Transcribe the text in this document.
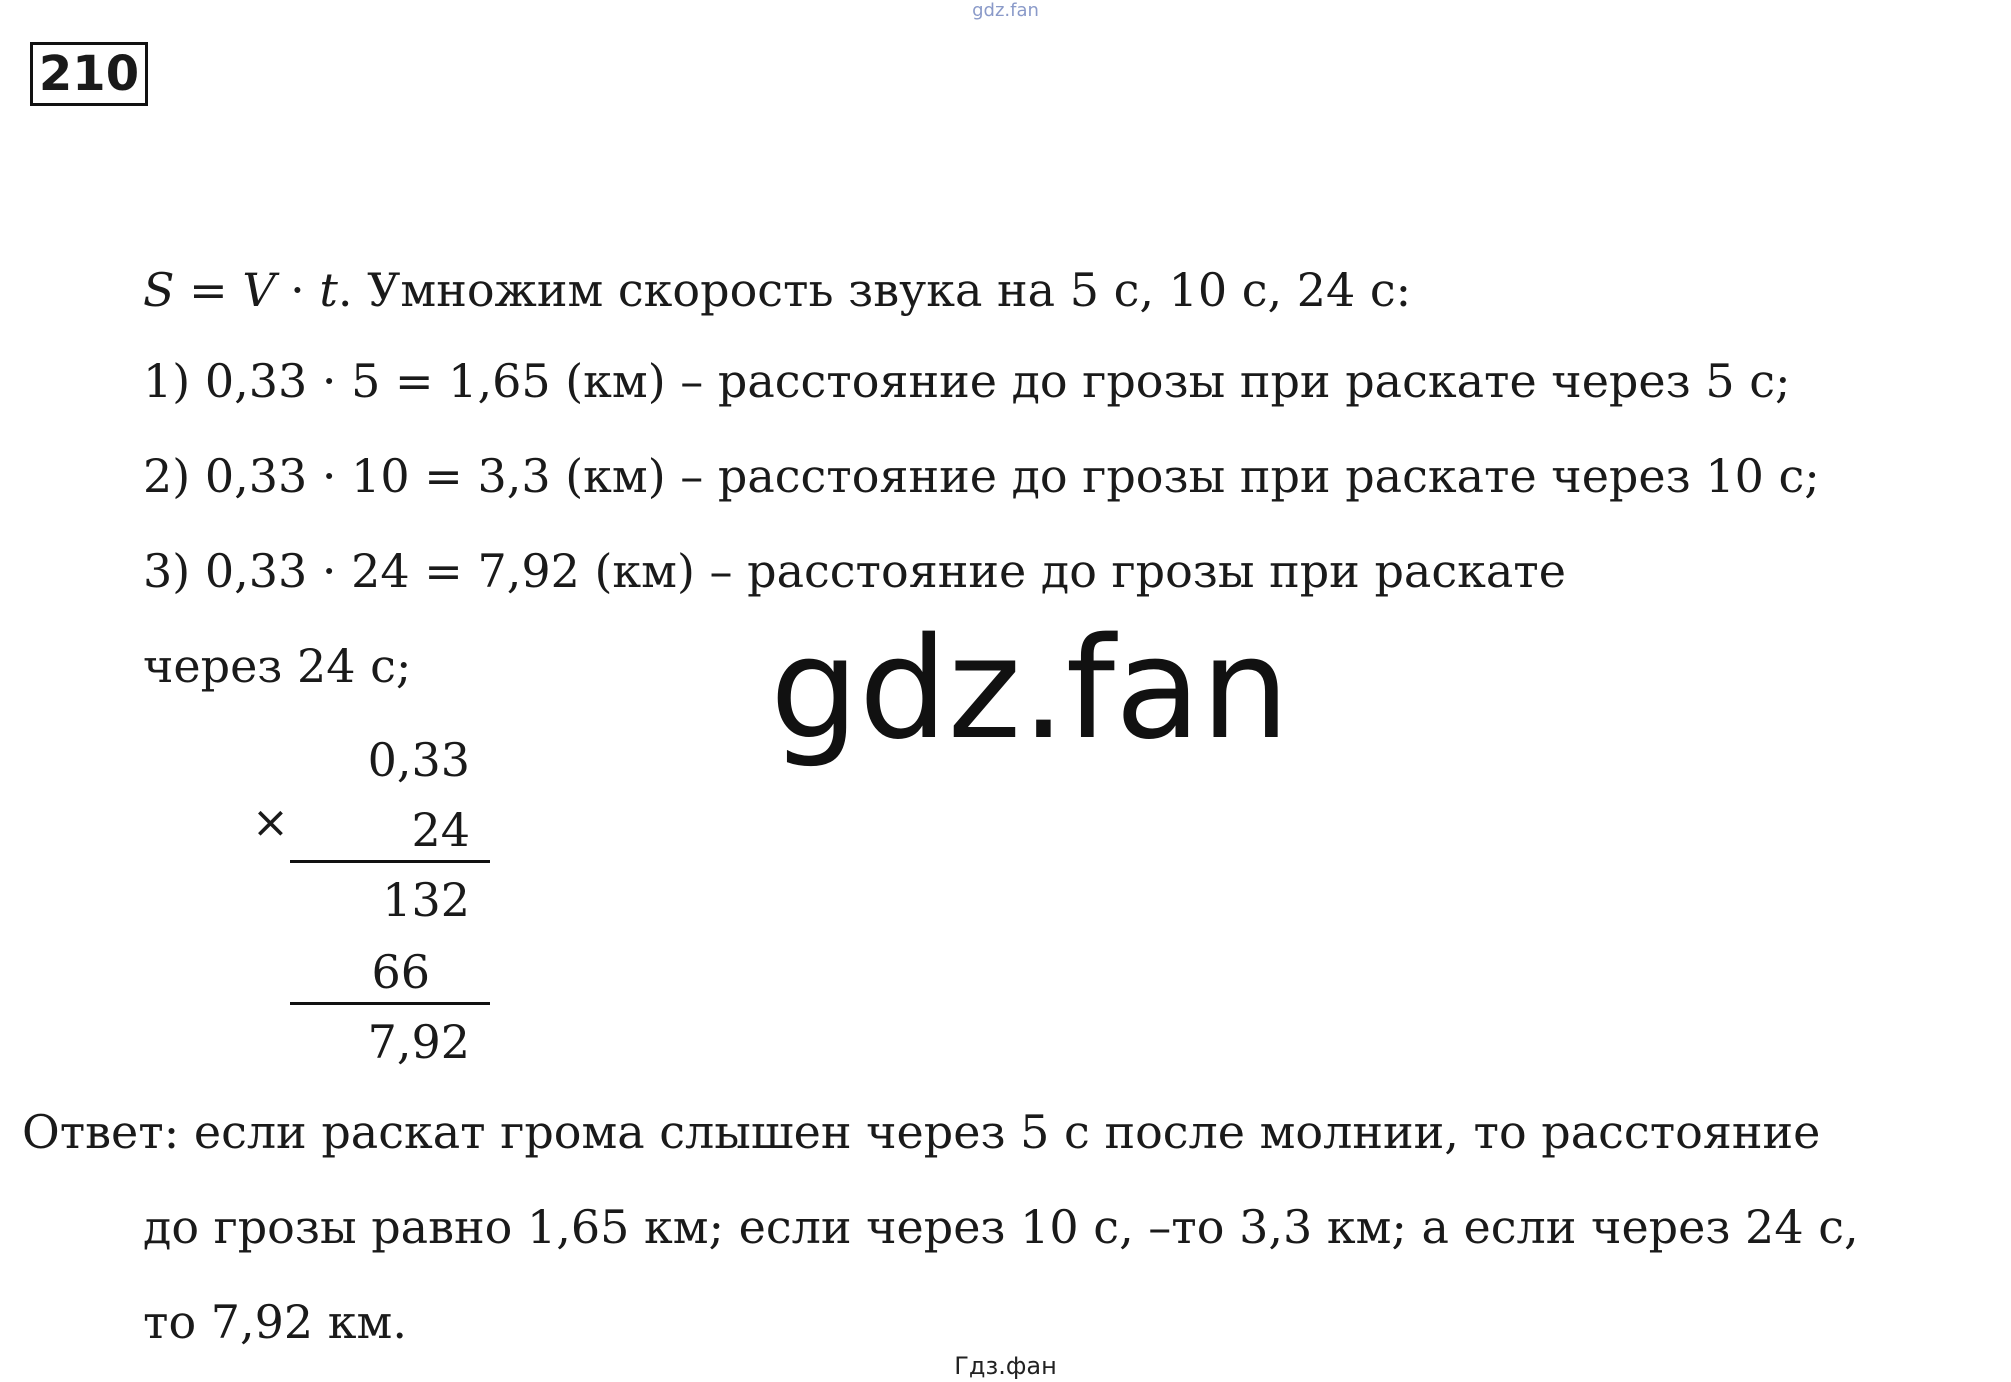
gdz.fan
210
S = V · t. Умножим скорость звука на 5 с, 10 с, 24 с:
1) 0,33 · 5 = 1,65 (км) – расстояние до грозы при раскате через 5 с;
2) 0,33 · 10 = 3,3 (км) – расстояние до грозы при раскате через 10 с;
3) 0,33 · 24 = 7,92 (км) – расстояние до грозы при раскате
через 24 с;	gdz.fan
0,33
×	24
132
66
7,92
Ответ: если раскат грома слышен через 5 с после молнии, то расстояние
до грозы равно 1,65 км; если через 10 с, –то 3,3 км; а если через 24 с,
то 7,92 км.
Гдз.фан
